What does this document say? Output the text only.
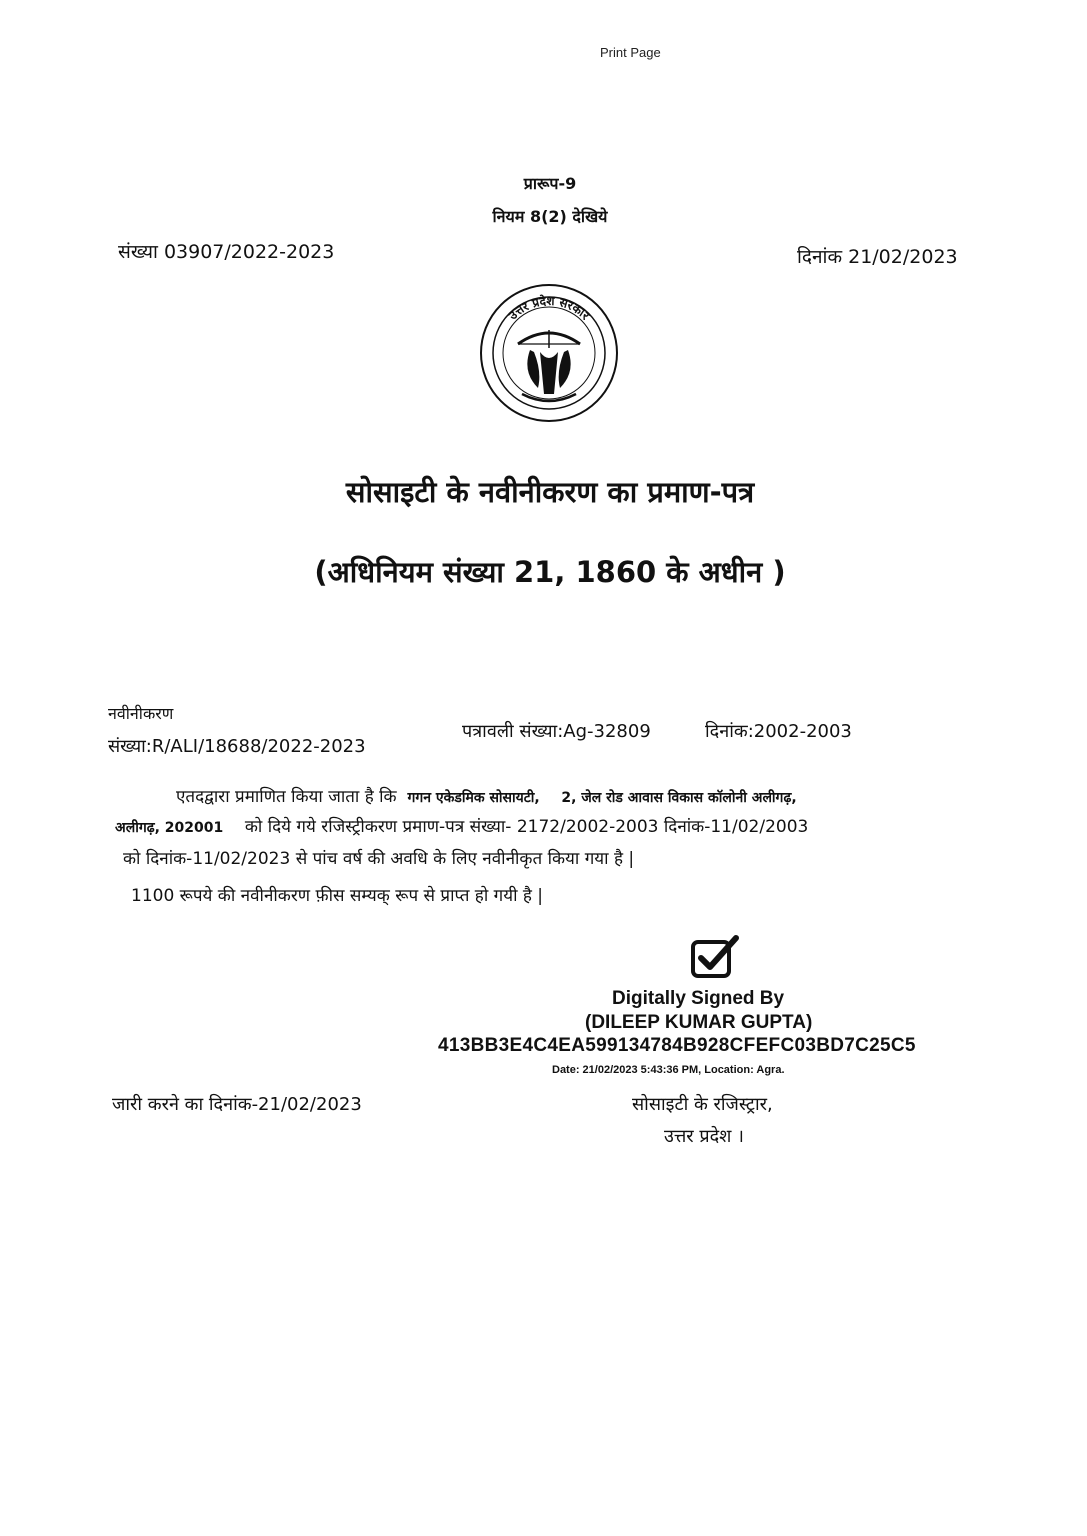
Print Page
प्रारूप-9
नियम 8(2) देखिये
संख्या 03907/2022-2023	दिनांक 21/02/2023
उत्तर प्रदेश सरकार
सोसाइटी के नवीनीकरण का प्रमाण-पत्र
(अधिनियम संख्या 21, 1860 के अधीन )
नवीनीकरण
संख्या:R/ALI/18688/2022-2023
पत्रावली संख्या:Ag-32809	दिनांक:2002-2003
एतदद्वारा प्रमाणित किया जाता है कि गगन एकेडमिक सोसायटी, 2, जेल रोड आवास विकास कॉलोनी अलीगढ़,
अलीगढ़, 202001 को दिये गये रजिस्ट्रीकरण प्रमाण-पत्र संख्या- 2172/2002-2003 दिनांक-11/02/2003
को दिनांक-11/02/2023 से पांच वर्ष की अवधि के लिए नवीनीकृत किया गया है |
1100 रूपये की नवीनीकरण फ़ीस सम्यक् रूप से प्राप्त हो गयी है |
Digitally Signed By
(DILEEP KUMAR GUPTA)
413BB3E4C4EA599134784B928CFEFC03BD7C25C5
Date: 21/02/2023 5:43:36 PM, Location: Agra.
जारी करने का दिनांक-21/02/2023	सोसाइटी के रजिस्ट्रार,
उत्तर प्रदेश ।
